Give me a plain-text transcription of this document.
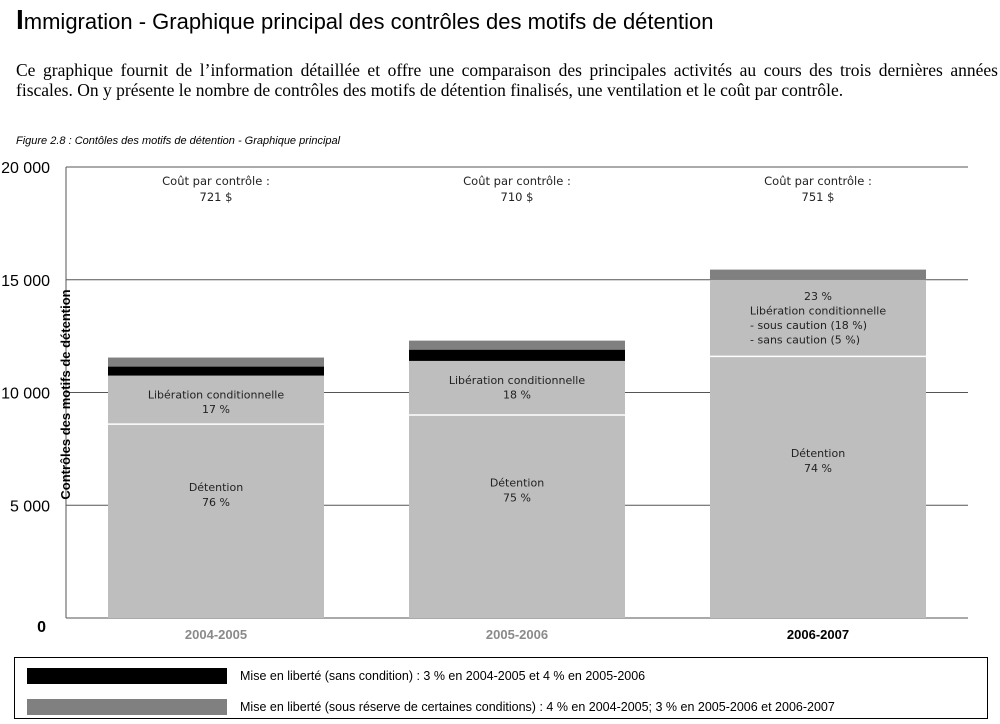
Immigration - Graphique principal des contrôles des motifs de détention

Ce graphique fournit de l’information détaillée et offre une comparaison des principales activités au cours des trois dernières années fiscales. On y présente le nombre de contrôles des motifs de détention finalisés, une ventilation et le coût par contrôle.

Figure 2.8 : Contôles des motifs de détention - Graphique principal
0
5 000
10 000
15 000
20 000
Contrôles des motifs de détention	Détention
76 %
Libération conditionnelle
17 %
Coût par contrôle :
721 $
2004-2005
Détention
75 %
Libération conditionnelle
18 %
Coût par contrôle :
710 $
2005-2006
Détention
74 %
23 %
Libération conditionnelle
- sous caution (18 %)
- sans caution (5 %)
Coût par contrôle :
751 $
2006-2007
Mise en liberté (sans condition) : 3 % en 2004-2005 et 4 % en 2005-2006
Mise en liberté (sous réserve de certaines conditions) : 4 % en 2004-2005; 3 % en 2005-2006 et 2006-2007
